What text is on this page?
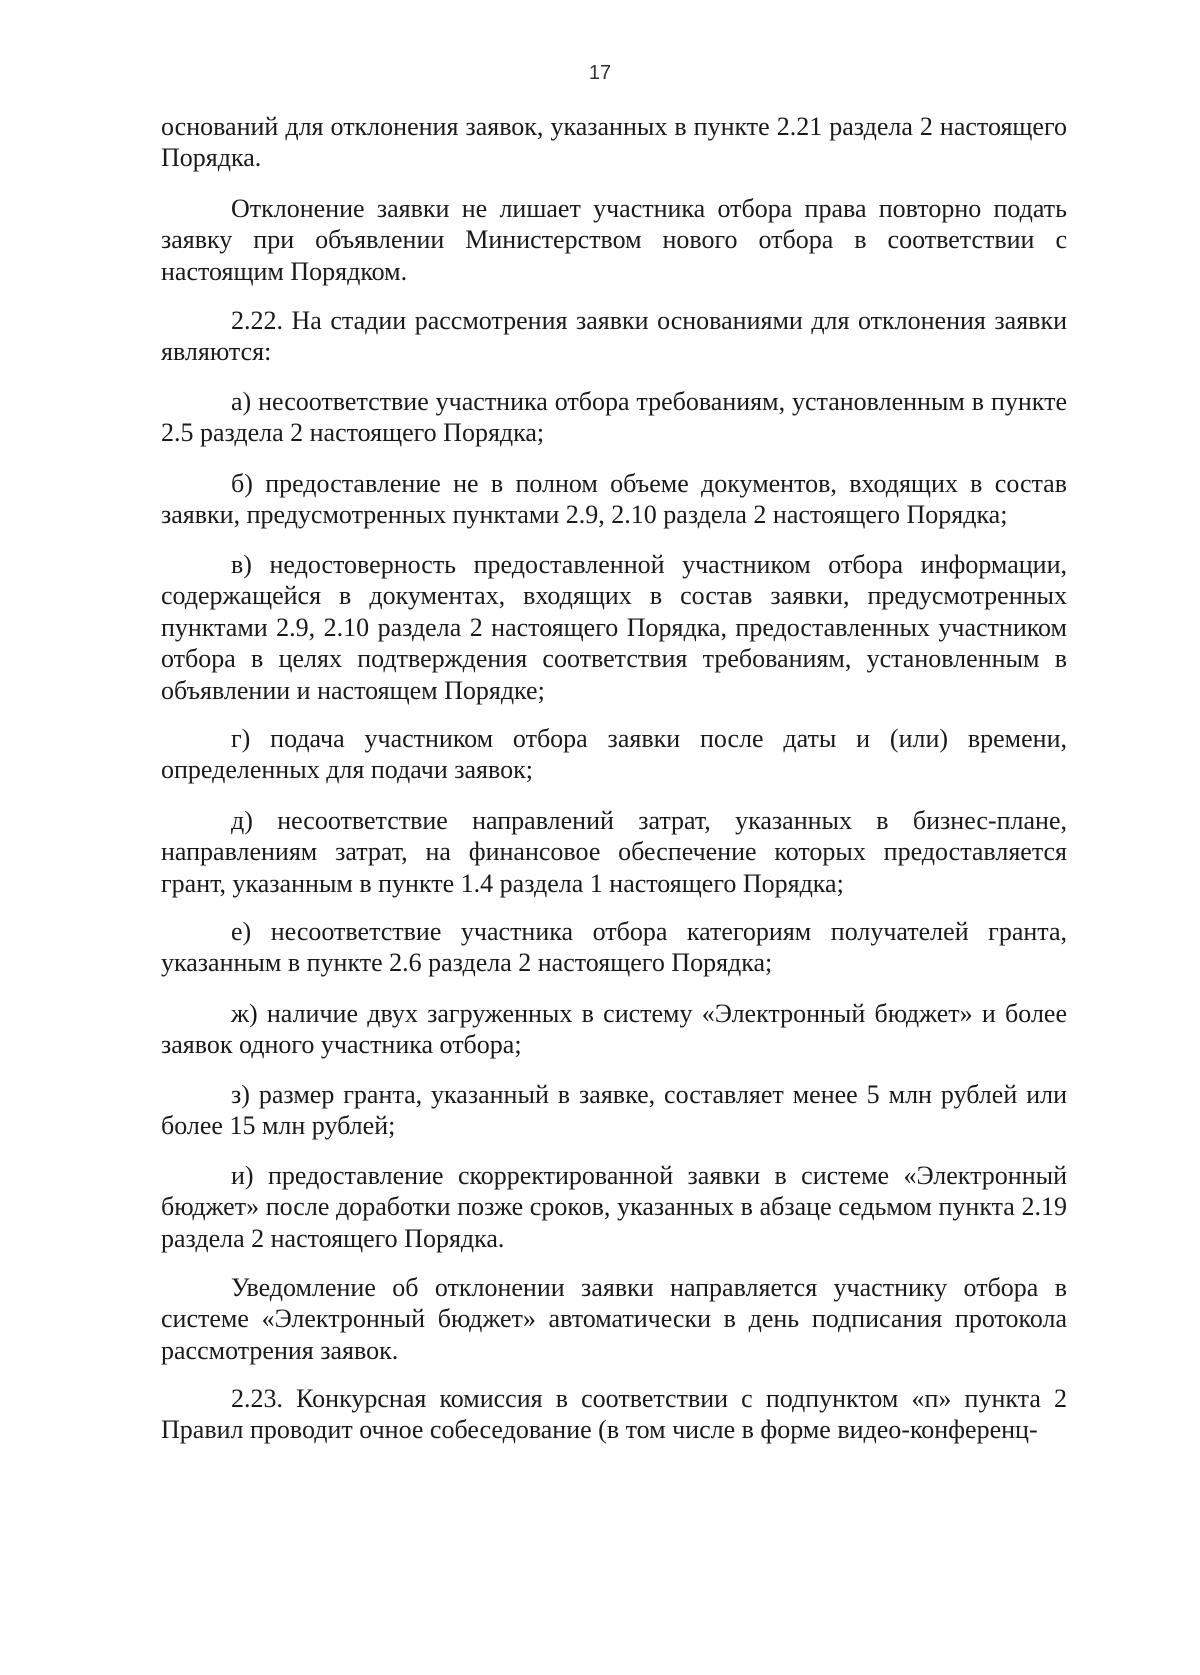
17

оснований для отклонения заявок, указанных в пункте 2.21 раздела 2 настоящего Порядка.

Отклонение заявки не лишает участника отбора права повторно подать заявку при объявлении Министерством нового отбора в соответствии с настоящим Порядком.

2.22. На стадии рассмотрения заявки основаниями для отклонения заявки являются:

а) несоответствие участника отбора требованиям, установленным в пункте 2.5 раздела 2 настоящего Порядка;

б) предоставление не в полном объеме документов, входящих в состав заявки, предусмотренных пунктами 2.9, 2.10 раздела 2 настоящего Порядка;

в) недостоверность предоставленной участником отбора информации, содержащейся в документах, входящих в состав заявки, предусмотренных пунктами 2.9, 2.10 раздела 2 настоящего Порядка, предоставленных участником отбора в целях подтверждения соответствия требованиям, установленным в объявлении и настоящем Порядке;

г) подача участником отбора заявки после даты и (или) времени, определенных для подачи заявок;

д) несоответствие направлений затрат, указанных в бизнес-плане, направлениям затрат, на финансовое обеспечение которых предоставляется грант, указанным в пункте 1.4 раздела 1 настоящего Порядка;

е) несоответствие участника отбора категориям получателей гранта, указанным в пункте 2.6 раздела 2 настоящего Порядка;

ж) наличие двух загруженных в систему «Электронный бюджет» и более заявок одного участника отбора;

з) размер гранта, указанный в заявке, составляет менее 5 млн рублей или более 15 млн рублей;

и) предоставление скорректированной заявки в системе «Электронный бюджет» после доработки позже сроков, указанных в абзаце седьмом пункта 2.19 раздела 2 настоящего Порядка.

Уведомление об отклонении заявки направляется участнику отбора в системе «Электронный бюджет» автоматически в день подписания протокола рассмотрения заявок.

2.23. Конкурсная комиссия в соответствии с подпунктом «п» пункта 2 Правил проводит очное собеседование (в том числе в форме видео-конференц-
